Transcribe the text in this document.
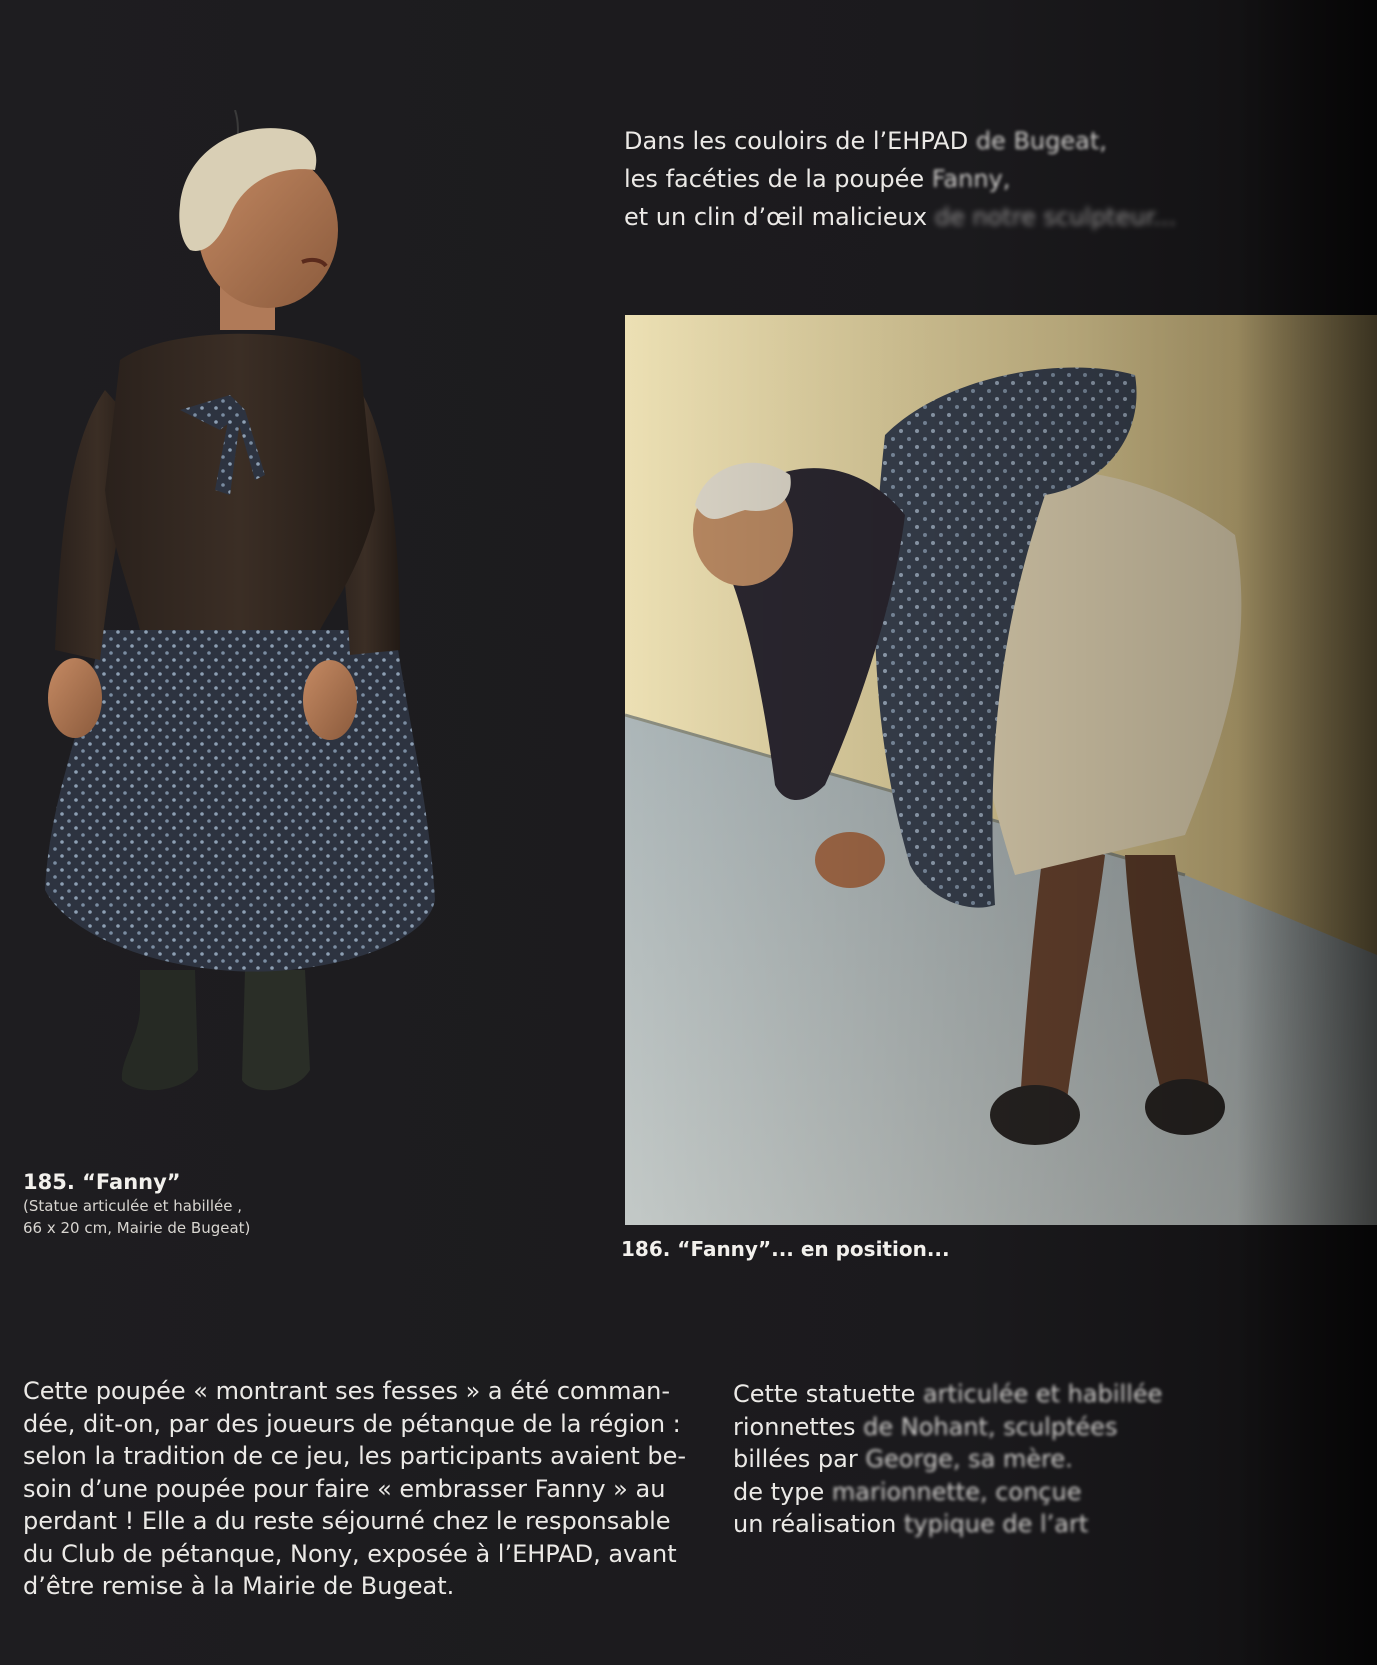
Dans les couloirs de l’EHPAD de Bugeat,

les facéties de la poupée Fanny,

et un clin d’œil malicieux de notre sculpteur...

185. “Fanny”
(Statue articulée et habillée ,
66 x 20 cm, Mairie de Bugeat)
186. “Fanny”... en position...

Cette poupée « montrant ses fesses » a été comman-

dée, dit-on, par des joueurs de pétanque de la région :

selon la tradition de ce jeu, les participants avaient be-

soin d’une poupée pour faire « embrasser Fanny » au

perdant ! Elle a du reste séjourné chez le responsable

du Club de pétanque, Nony, exposée à l’EHPAD, avant

d’être remise à la Mairie de Bugeat.

Cette statuette articulée et habillée

rionnettes de Nohant, sculptées

billées par George, sa mère.

de type marionnette, conçue

un réalisation typique de l’art
